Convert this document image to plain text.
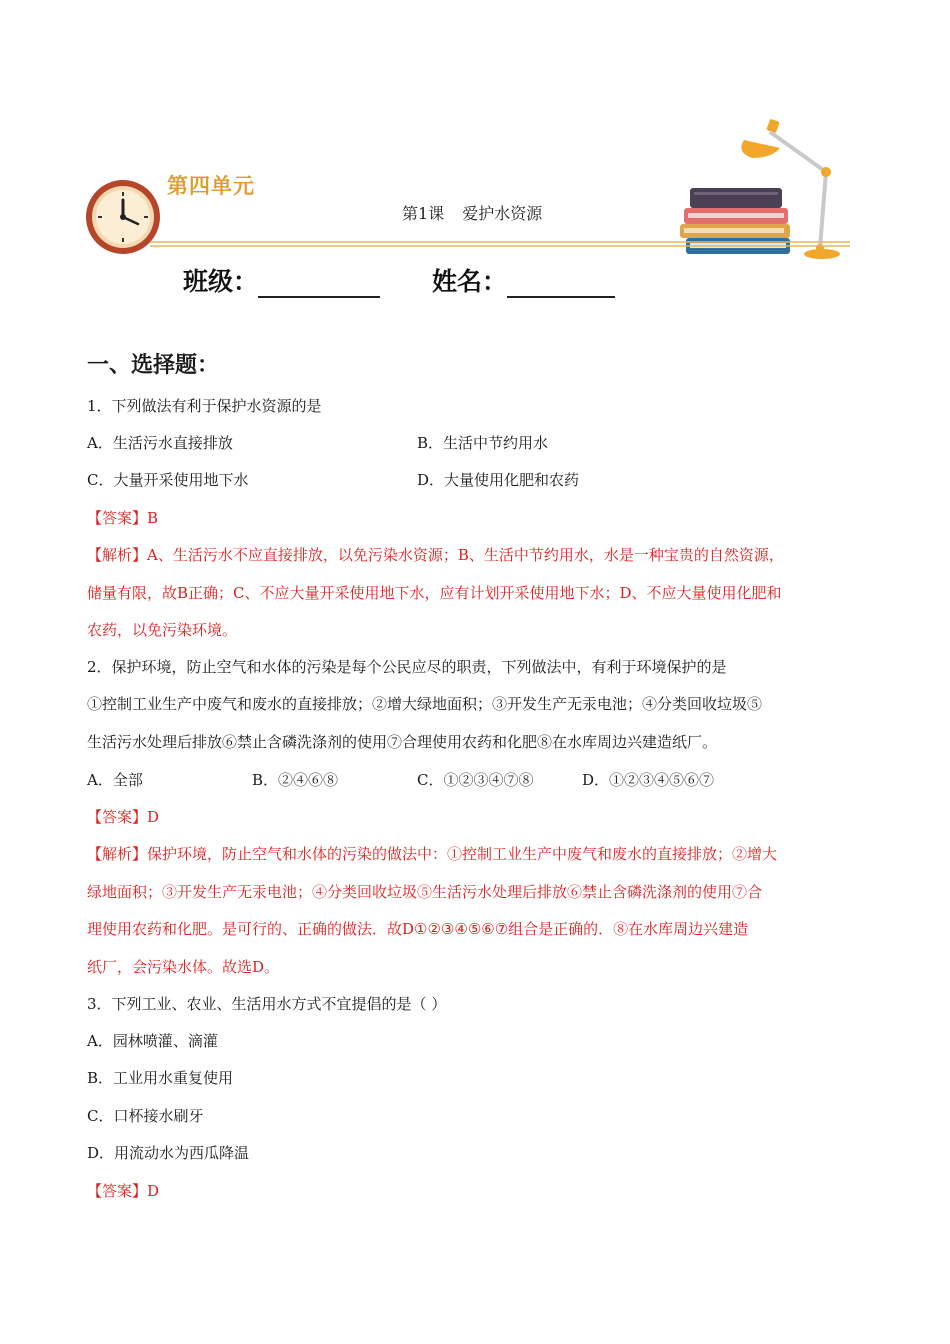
第四单元
第1课 爱护水资源
班级：	姓名：
一、选择题：
1．下列做法有利于保护水资源的是
A．生活污水直接排放	B．生活中节约用水
C．大量开采使用地下水	D．大量使用化肥和农药
【答案】B
【解析】A、生活污水不应直接排放，以免污染水资源；B、生活中节约用水，水是一种宝贵的自然资源，
储量有限，故B正确；C、不应大量开采使用地下水，应有计划开采使用地下水；D、不应大量使用化肥和
农药，以免污染环境。
2．保护环境，防止空气和水体的污染是每个公民应尽的职责，下列做法中，有利于环境保护的是
①控制工业生产中废气和废水的直接排放；②增大绿地面积；③开发生产无汞电池；④分类回收垃圾⑤
生活污水处理后排放⑥禁止含磷洗涤剂的使用⑦合理使用农药和化肥⑧在水库周边兴建造纸厂。
A．全部	B．②④⑥⑧	C．①②③④⑦⑧	D．①②③④⑤⑥⑦
【答案】D
【解析】保护环境，防止空气和水体的污染的做法中：①控制工业生产中废气和废水的直接排放；②增大
绿地面积；③开发生产无汞电池；④分类回收垃圾⑤生活污水处理后排放⑥禁止含磷洗涤剂的使用⑦合
理使用农药和化肥。是可行的、正确的做法．故D①②③④⑤⑥⑦组合是正确的．⑧在水库周边兴建造
纸厂，会污染水体。故选D。
3．下列工业、农业、生活用水方式不宜提倡的是（ ）
A．园林喷灌、滴灌
B．工业用水重复使用
C．口杯接水刷牙
D．用流动水为西瓜降温
【答案】D
